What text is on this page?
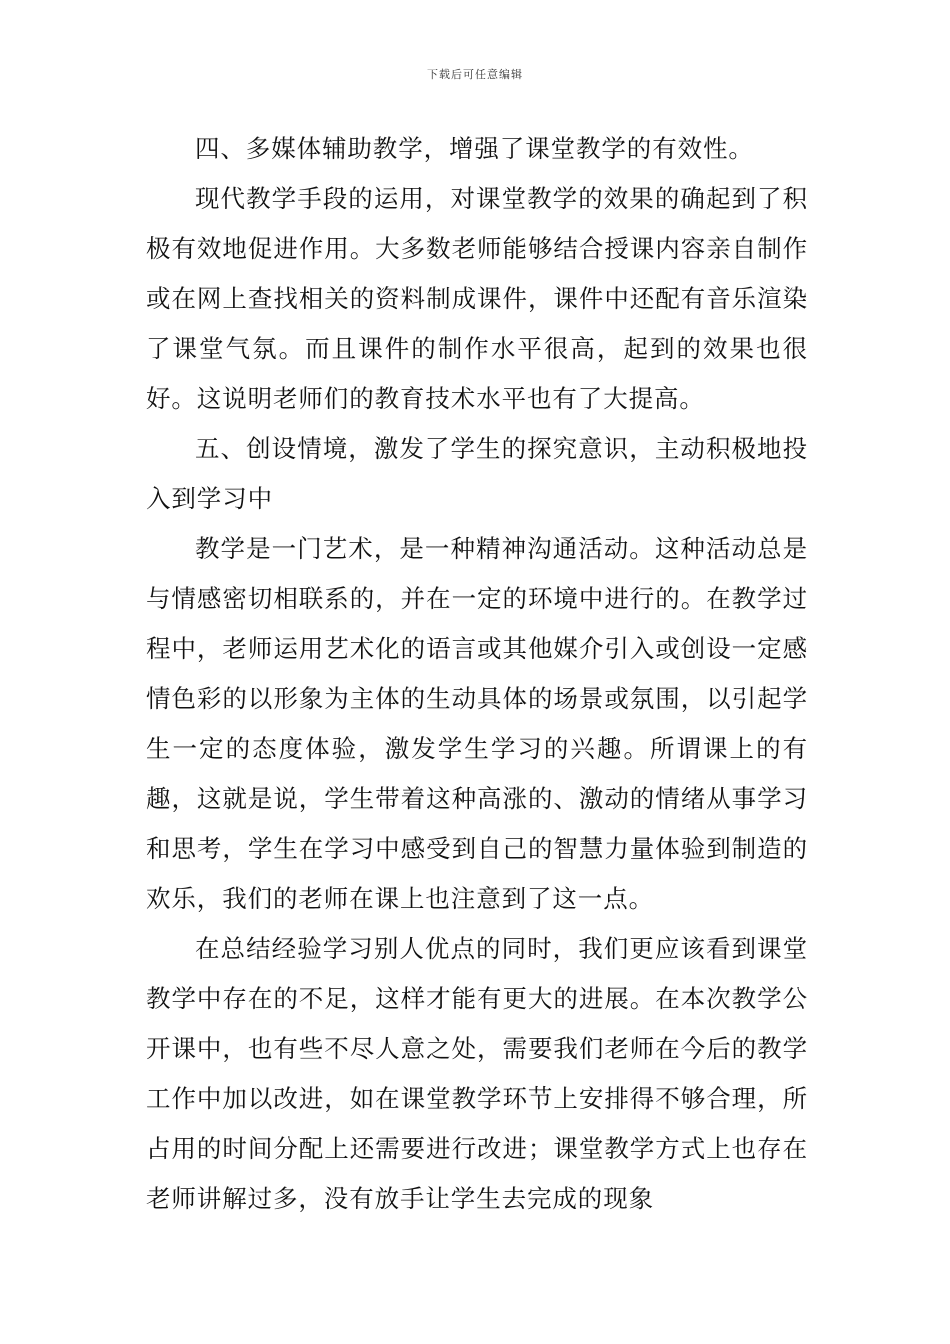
下载后可任意编辑

四、多媒体辅助教学，增强了课堂教学的有效性。

现代教学手段的运用，对课堂教学的效果的确起到了积极有效地促进作用。大多数老师能够结合授课内容亲自制作或在网上查找相关的资料制成课件，课件中还配有音乐渲染了课堂气氛。而且课件的制作水平很高，起到的效果也很好。这说明老师们的教育技术水平也有了大提高。

五、创设情境，激发了学生的探究意识，主动积极地投入到学习中

教学是一门艺术，是一种精神沟通活动。这种活动总是与情感密切相联系的，并在一定的环境中进行的。在教学过程中，老师运用艺术化的语言或其他媒介引入或创设一定感情色彩的以形象为主体的生动具体的场景或氛围，以引起学生一定的态度体验，激发学生学习的兴趣。所谓课上的有趣，这就是说，学生带着这种高涨的、激动的情绪从事学习和思考，学生在学习中感受到自己的智慧力量体验到制造的欢乐，我们的老师在课上也注意到了这一点。

在总结经验学习别人优点的同时，我们更应该看到课堂教学中存在的不足，这样才能有更大的进展。在本次教学公开课中，也有些不尽人意之处，需要我们老师在今后的教学工作中加以改进，如在课堂教学环节上安排得不够合理，所占用的时间分配上还需要进行改进；课堂教学方式上也存在老师讲解过多，没有放手让学生去完成的现象
